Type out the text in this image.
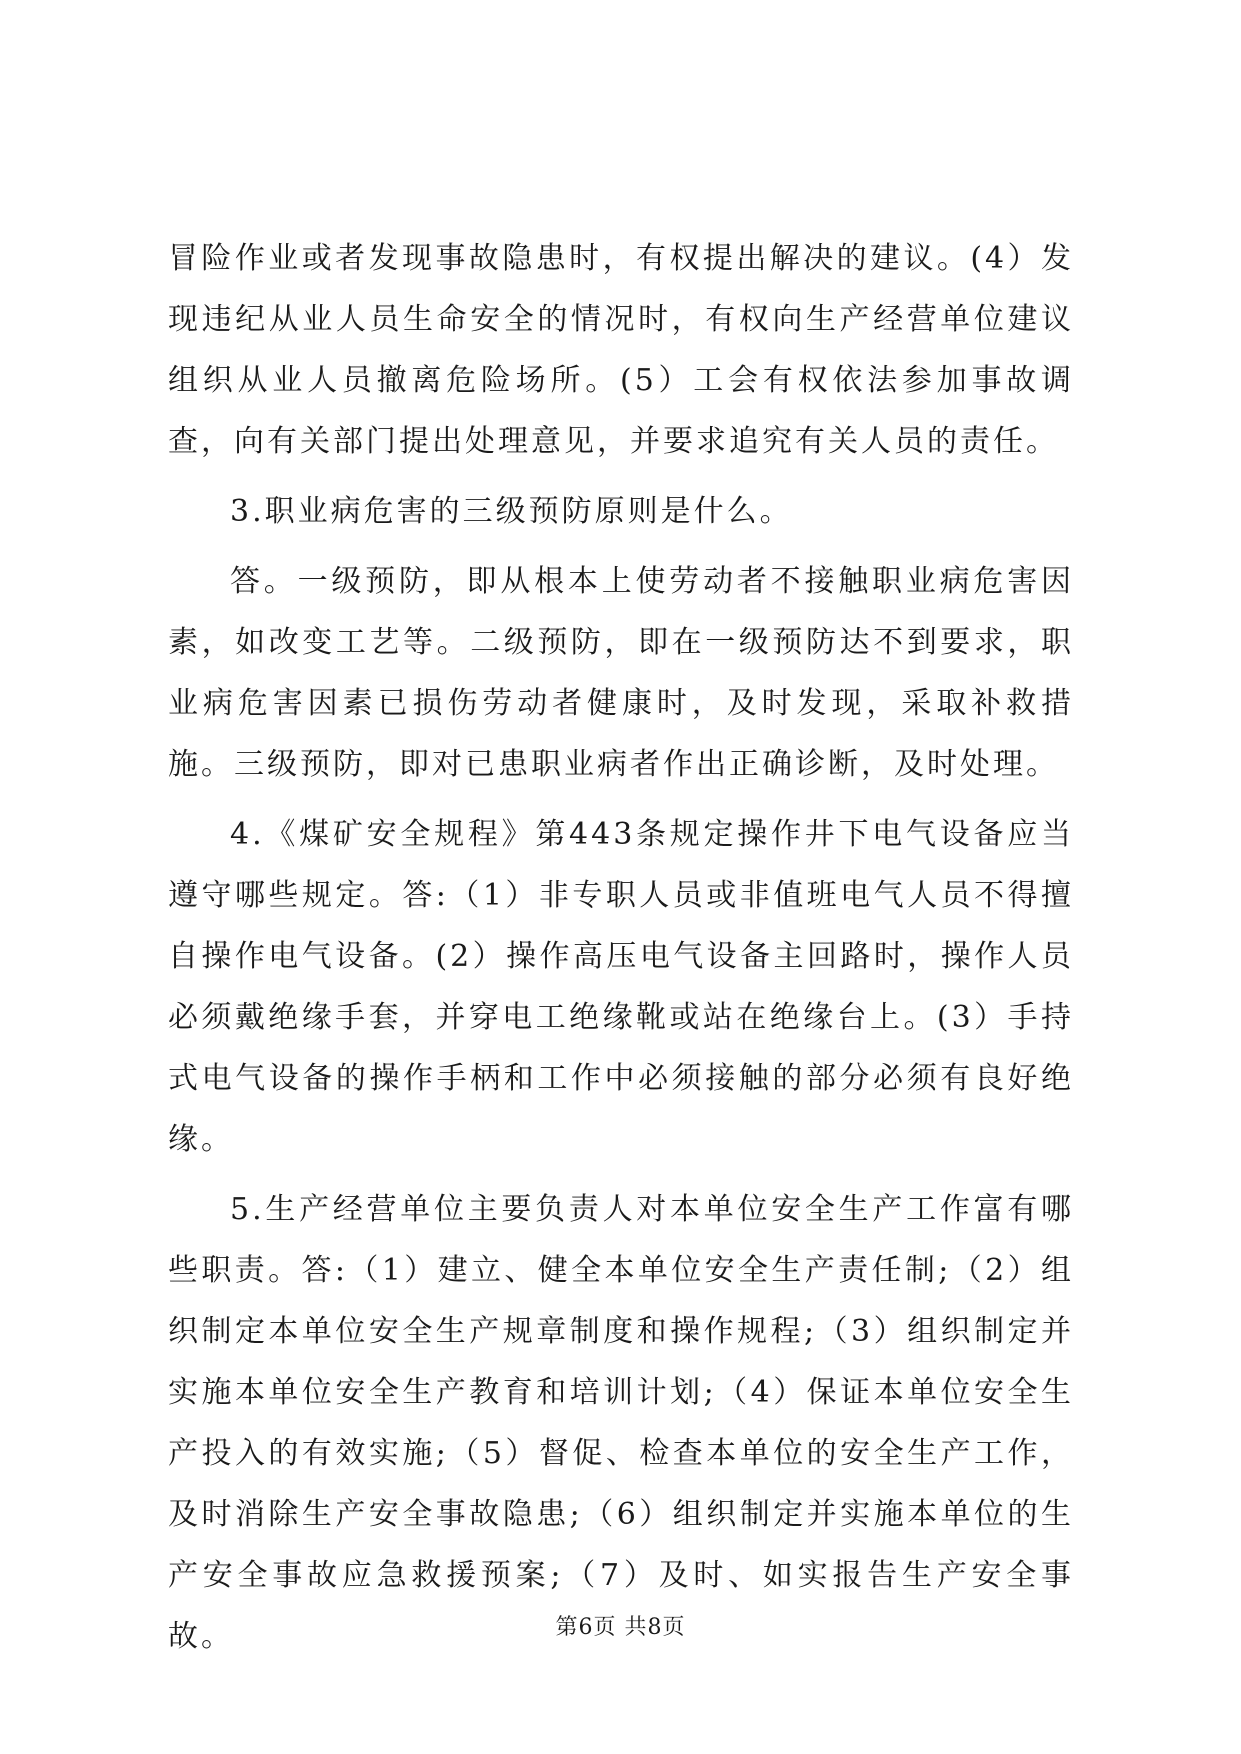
冒险作业或者发现事故隐患时，有权提出解决的建议。(4）发现违纪从业人员生命安全的情况时，有权向生产经营单位建议组织从业人员撤离危险场所。(5）工会有权依法参加事故调查，向有关部门提出处理意见，并要求追究有关人员的责任。

3.职业病危害的三级预防原则是什么。

答。一级预防，即从根本上使劳动者不接触职业病危害因素，如改变工艺等。二级预防，即在一级预防达不到要求，职业病危害因素已损伤劳动者健康时，及时发现，采取补救措施。三级预防，即对已患职业病者作出正确诊断，及时处理。

4.《煤矿安全规程》第443条规定操作井下电气设备应当遵守哪些规定。答:（1）非专职人员或非值班电气人员不得擅自操作电气设备。(2）操作高压电气设备主回路时，操作人员必须戴绝缘手套，并穿电工绝缘靴或站在绝缘台上。(3）手持式电气设备的操作手柄和工作中必须接触的部分必须有良好绝缘。

5.生产经营单位主要负责人对本单位安全生产工作富有哪些职责。答:（1）建立、健全本单位安全生产责任制;（2）组织制定本单位安全生产规章制度和操作规程;（3）组织制定并实施本单位安全生产教育和培训计划;（4）保证本单位安全生产投入的有效实施;（5）督促、检查本单位的安全生产工作，及时消除生产安全事故隐患;（6）组织制定并实施本单位的生产安全事故应急救援预案;（7）及时、如实报告生产安全事故。	第6页 共8页
